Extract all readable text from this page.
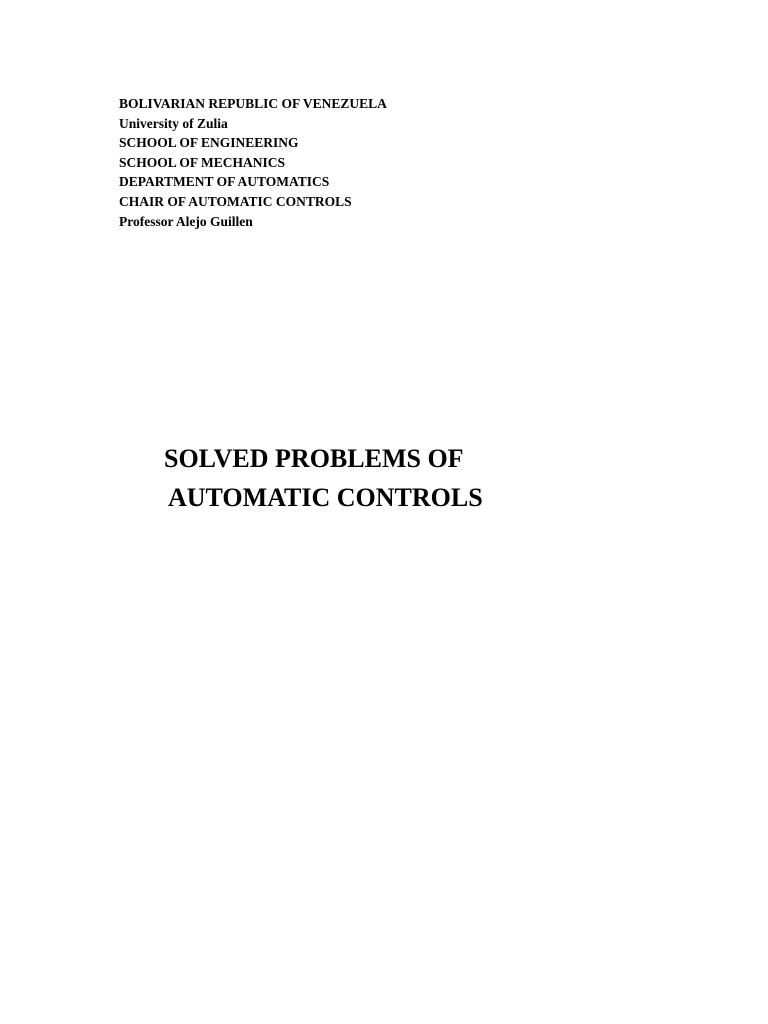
BOLIVARIAN REPUBLIC OF VENEZUELA
University of Zulia
SCHOOL OF ENGINEERING
SCHOOL OF MECHANICS
DEPARTMENT OF AUTOMATICS
CHAIR OF AUTOMATIC CONTROLS
Professor Alejo Guillen
SOLVED PROBLEMS OF
AUTOMATIC CONTROLS
